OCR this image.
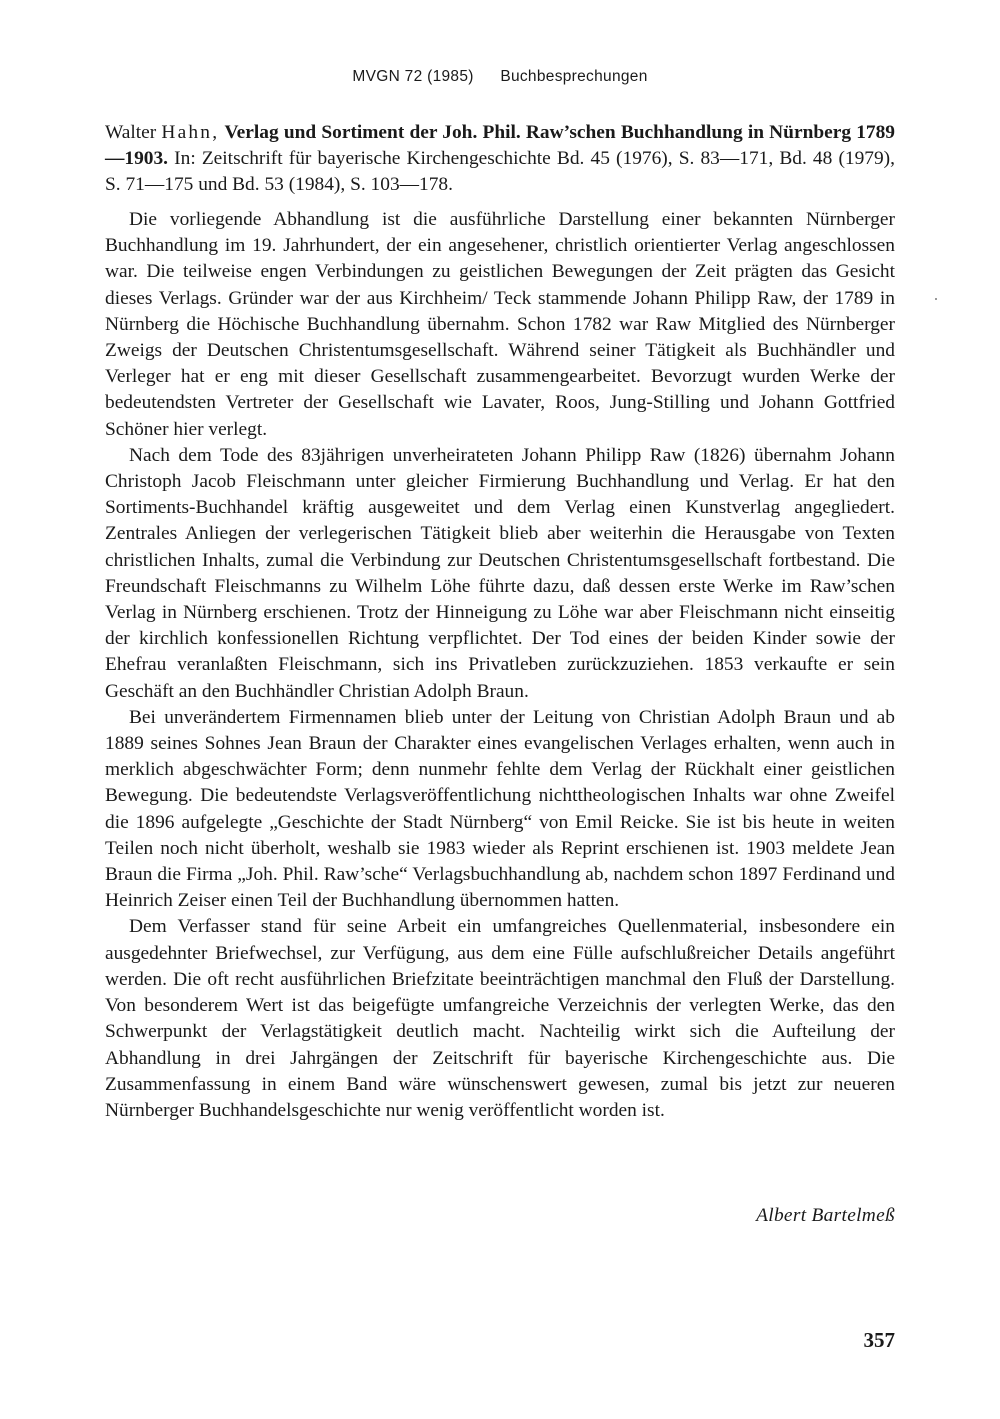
MVGN 72 (1985) Buchbesprechungen
Walter Hahn, Verlag und Sortiment der Joh. Phil. Raw’schen Buchhandlung in Nürnberg 1789—1903. In: Zeitschrift für bayerische Kirchengeschichte Bd. 45 (1976), S. 83—171, Bd. 48 (1979), S. 71—175 und Bd. 53 (1984), S. 103—178.

Die vorliegende Abhandlung ist die ausführliche Darstellung einer bekannten Nürnberger Buchhandlung im 19. Jahrhundert, der ein angesehener, christlich orientierter Verlag angeschlossen war. Die teilweise engen Verbindungen zu geistlichen Bewegungen der Zeit prägten das Gesicht dieses Verlags. Gründer war der aus Kirchheim/ Teck stammende Johann Philipp Raw, der 1789 in Nürnberg die Höchische Buchhandlung übernahm. Schon 1782 war Raw Mitglied des Nürnberger Zweigs der Deutschen Christentumsgesellschaft. Während seiner Tätigkeit als Buchhändler und Verleger hat er eng mit dieser Gesellschaft zusammengearbeitet. Bevorzugt wurden Werke der bedeutendsten Vertreter der Gesellschaft wie Lavater, Roos, Jung-Stilling und Johann Gottfried Schöner hier verlegt.

Nach dem Tode des 83jährigen unverheirateten Johann Philipp Raw (1826) übernahm Johann Christoph Jacob Fleischmann unter gleicher Firmierung Buchhandlung und Verlag. Er hat den Sortiments-Buchhandel kräftig ausgeweitet und dem Verlag einen Kunstverlag angegliedert. Zentrales Anliegen der verlegerischen Tätigkeit blieb aber weiterhin die Herausgabe von Texten christlichen Inhalts, zumal die Verbindung zur Deutschen Christentumsgesellschaft fortbestand. Die Freundschaft Fleischmanns zu Wilhelm Löhe führte dazu, daß dessen erste Werke im Raw’schen Verlag in Nürnberg erschienen. Trotz der Hinneigung zu Löhe war aber Fleischmann nicht einseitig der kirchlich konfessionellen Richtung verpflichtet. Der Tod eines der beiden Kinder sowie der Ehefrau veranlaßten Fleischmann, sich ins Privatleben zurückzuziehen. 1853 verkaufte er sein Geschäft an den Buchhändler Christian Adolph Braun.

Bei unverändertem Firmennamen blieb unter der Leitung von Christian Adolph Braun und ab 1889 seines Sohnes Jean Braun der Charakter eines evangelischen Verlages erhalten, wenn auch in merklich abgeschwächter Form; denn nunmehr fehlte dem Verlag der Rückhalt einer geistlichen Bewegung. Die bedeutendste Verlagsveröffentlichung nichttheologischen Inhalts war ohne Zweifel die 1896 aufgelegte „Geschichte der Stadt Nürnberg“ von Emil Reicke. Sie ist bis heute in weiten Teilen noch nicht überholt, weshalb sie 1983 wieder als Reprint erschienen ist. 1903 meldete Jean Braun die Firma „Joh. Phil. Raw’sche“ Verlagsbuchhandlung ab, nachdem schon 1897 Ferdinand und Heinrich Zeiser einen Teil der Buchhandlung übernommen hatten.

Dem Verfasser stand für seine Arbeit ein umfangreiches Quellenmaterial, insbesondere ein ausgedehnter Briefwechsel, zur Verfügung, aus dem eine Fülle aufschlußreicher Details angeführt werden. Die oft recht ausführlichen Briefzitate beeinträchtigen manchmal den Fluß der Darstellung. Von besonderem Wert ist das beigefügte umfangreiche Verzeichnis der verlegten Werke, das den Schwerpunkt der Verlagstätigkeit deutlich macht. Nachteilig wirkt sich die Aufteilung der Abhandlung in drei Jahrgängen der Zeitschrift für bayerische Kirchengeschichte aus. Die Zusammenfassung in einem Band wäre wünschenswert gewesen, zumal bis jetzt zur neueren Nürnberger Buchhandelsgeschichte nur wenig veröffentlicht worden ist.

Albert Bartelmeß
357
